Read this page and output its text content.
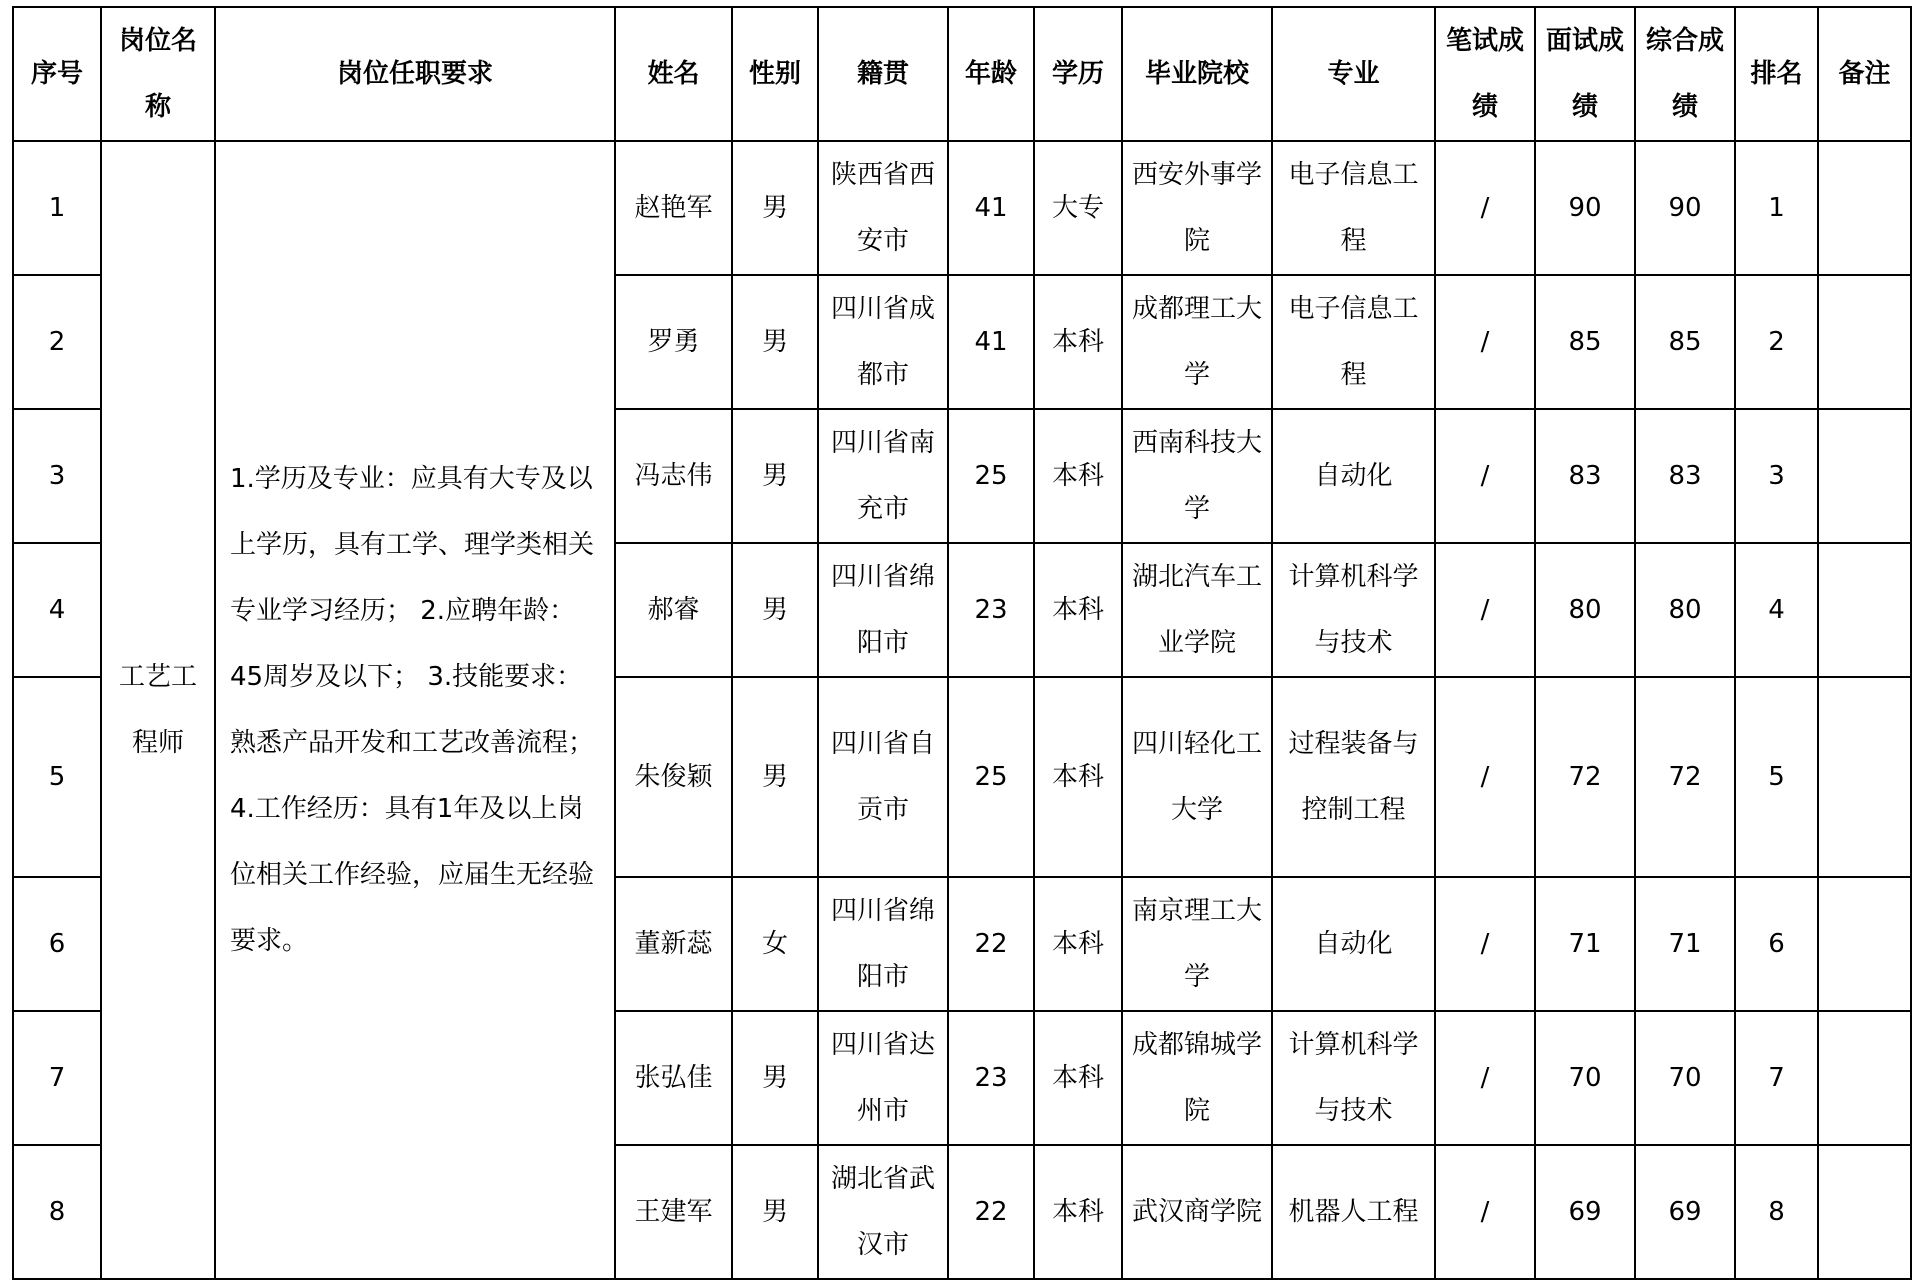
序号	岗位名称	岗位任职要求	姓名	性别	籍贯	年龄	学历	毕业院校	专业	笔试成绩	面试成绩	综合成绩	排名	备注
1	工艺工程师	1.学历及专业：应具有大专及以上学历，具有工学、理学类相关专业学习经历； 2.应聘年龄：45周岁及以下； 3.技能要求：熟悉产品开发和工艺改善流程； 4.工作经历：具有1年及以上岗位相关工作经验，应届生无经验要求。	赵艳军	男	陕西省西安市	41	大专	西安外事学院	电子信息工程	/	90	90	1	
2			罗勇	男	四川省成都市	41	本科	成都理工大学	电子信息工程	/	85	85	2	
3			冯志伟	男	四川省南充市	25	本科	西南科技大学	自动化	/	83	83	3	
4			郝睿	男	四川省绵阳市	23	本科	湖北汽车工业学院	计算机科学与技术	/	80	80	4	
5			朱俊颖	男	四川省自贡市	25	本科	四川轻化工大学	过程装备与控制工程	/	72	72	5	
6			董新蕊	女	四川省绵阳市	22	本科	南京理工大学	自动化	/	71	71	6	
7			张弘佳	男	四川省达州市	23	本科	成都锦城学院	计算机科学与技术	/	70	70	7	
8			王建军	男	湖北省武汉市	22	本科	武汉商学院	机器人工程	/	69	69	8	
